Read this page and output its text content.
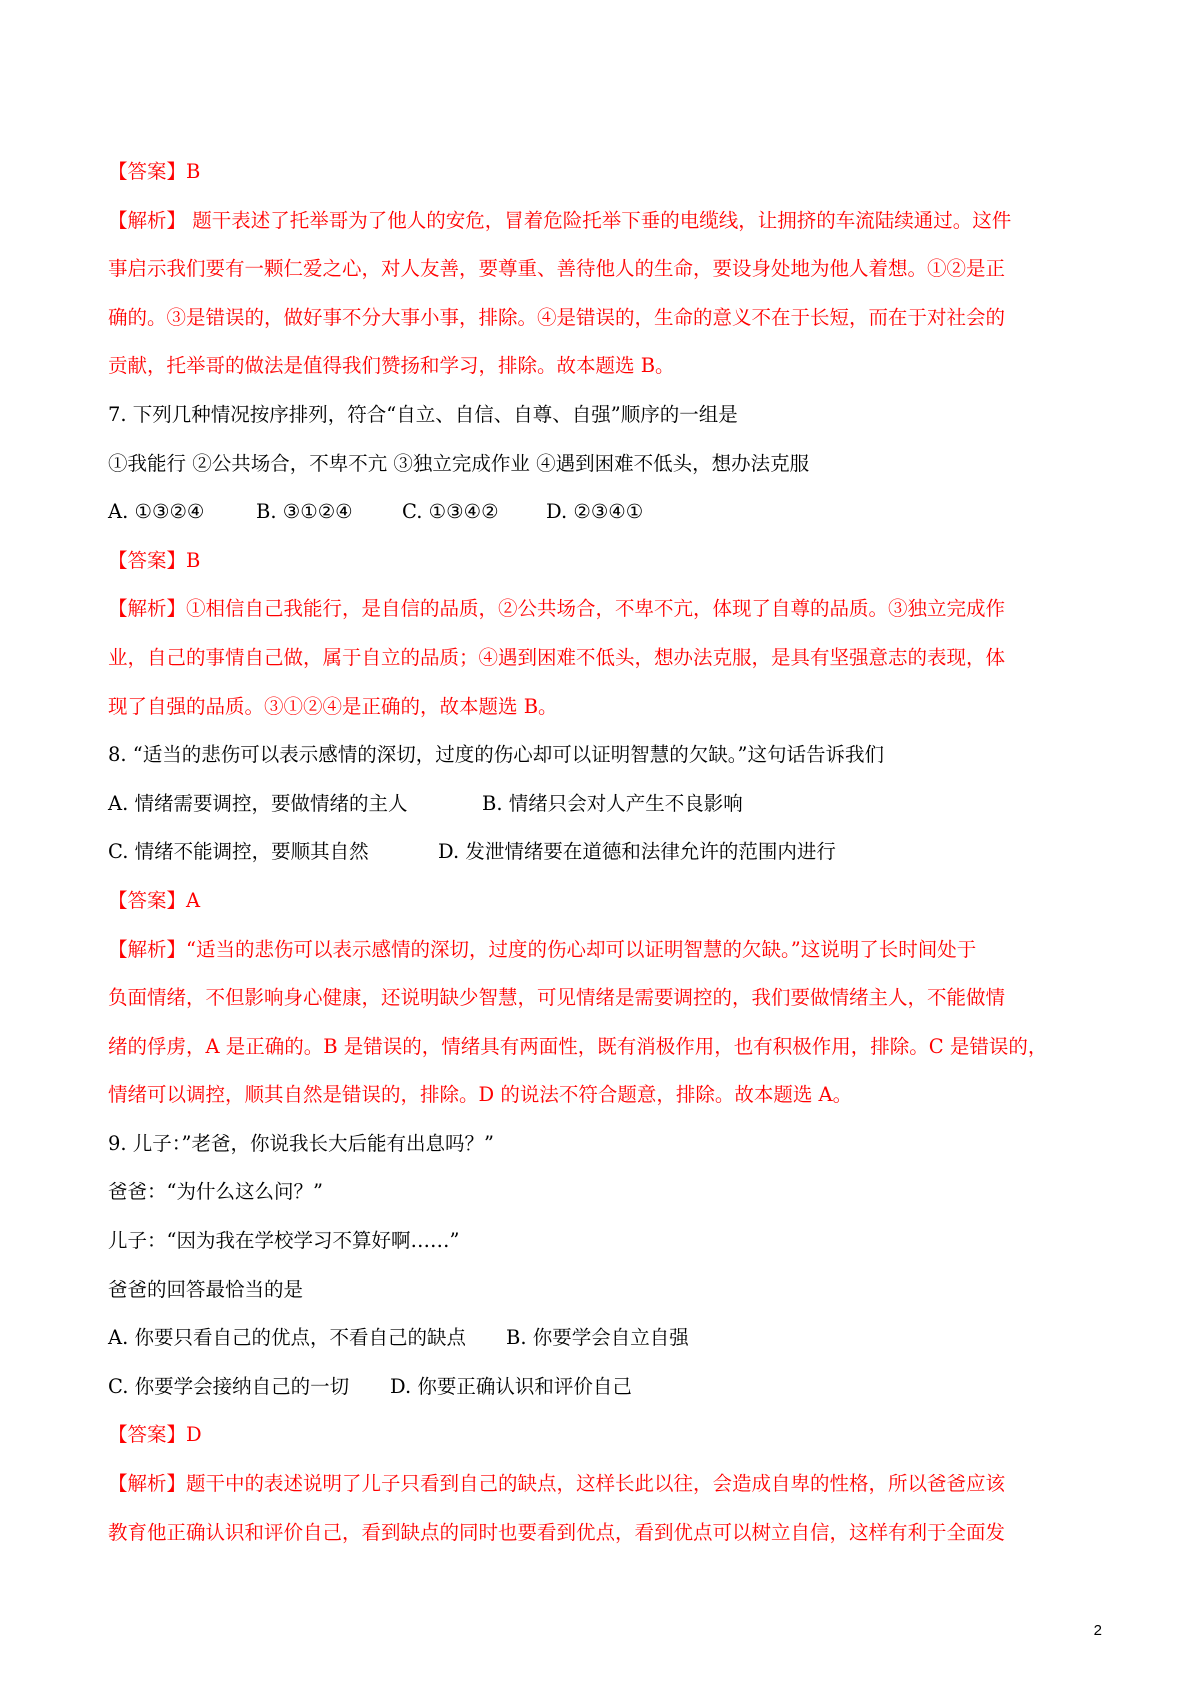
【答案】B
【解析】 题干表述了托举哥为了他人的安危，冒着危险托举下垂的电缆线，让拥挤的车流陆续通过。这件
事启示我们要有一颗仁爱之心，对人友善，要尊重、善待他人的生命，要设身处地为他人着想。①②是正
确的。③是错误的，做好事不分大事小事，排除。④是错误的，生命的意义不在于长短，而在于对社会的
贡献，托举哥的做法是值得我们赞扬和学习，排除。故本题选 B。
7. 下列几种情况按序排列，符合“自立、自信、自尊、自强”顺序的一组是
①我能行 ②公共场合，不卑不亢 ③独立完成作业 ④遇到困难不低头，想办法克服
A. ①③②④	B. ③①②④	C. ①③④② D. ②③④①
【答案】B
【解析】①相信自己我能行，是自信的品质，②公共场合，不卑不亢，体现了自尊的品质。③独立完成作
业，自己的事情自己做，属于自立的品质；④遇到困难不低头，想办法克服，是具有坚强意志的表现，体
现了自强的品质。③①②④是正确的，故本题选 B。
8. “适当的悲伤可以表示感情的深切，过度的伤心却可以证明智慧的欠缺。”这句话告诉我们
A. 情绪需要调控，要做情绪的主人	B. 情绪只会对人产生不良影响
C. 情绪不能调控，要顺其自然	D. 发泄情绪要在道德和法律允许的范围内进行
【答案】A
【解析】“适当的悲伤可以表示感情的深切，过度的伤心却可以证明智慧的欠缺。”这说明了长时间处于
负面情绪，不但影响身心健康，还说明缺少智慧，可见情绪是需要调控的，我们要做情绪主人，不能做情
绪的俘虏，A 是正确的。B 是错误的，情绪具有两面性，既有消极作用，也有积极作用，排除。C 是错误的，
情绪可以调控，顺其自然是错误的，排除。D 的说法不符合题意，排除。故本题选 A。
9. 儿子：”老爸，你说我长大后能有出息吗？”
爸爸：“为什么这么问？”
儿子：“因为我在学校学习不算好啊……”
爸爸的回答最恰当的是
A. 你要只看自己的优点，不看自己的缺点 B. 你要学会自立自强
C. 你要学会接纳自己的一切 D. 你要正确认识和评价自己
【答案】D
【解析】题干中的表述说明了儿子只看到自己的缺点，这样长此以往，会造成自卑的性格，所以爸爸应该
教育他正确认识和评价自己，看到缺点的同时也要看到优点，看到优点可以树立自信，这样有利于全面发
2
